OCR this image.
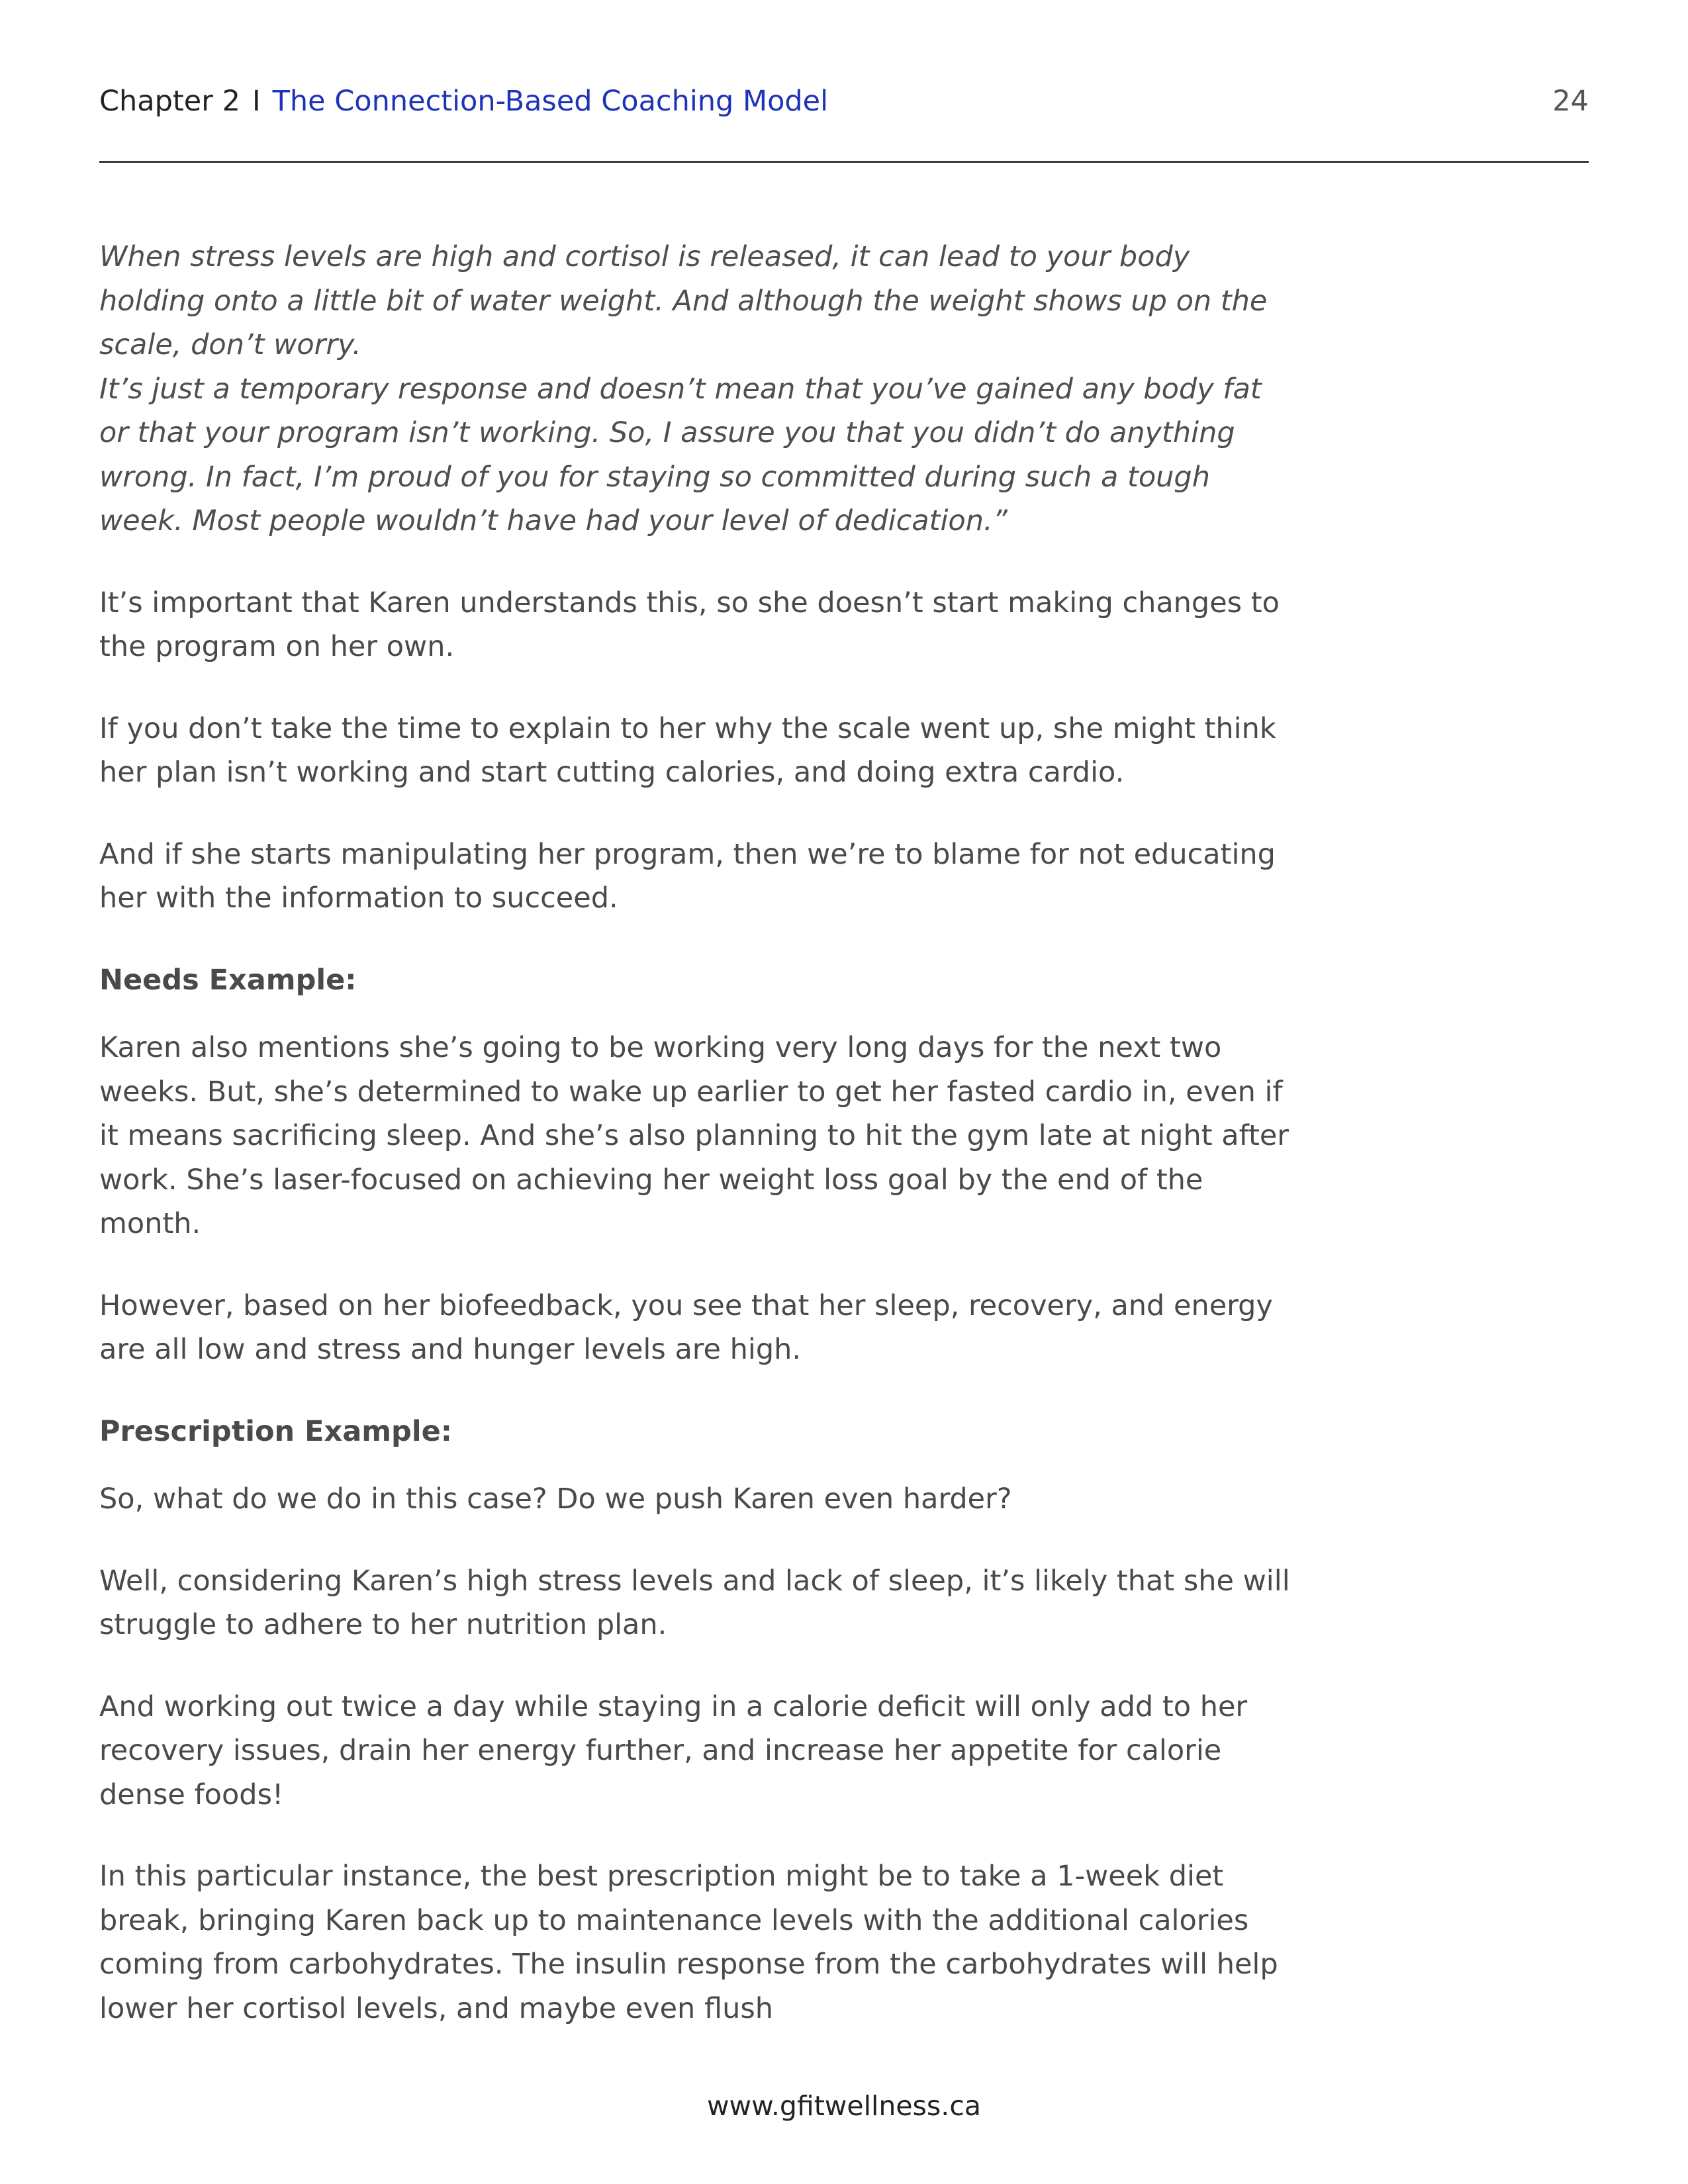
Chapter 2 I The Connection-Based Coaching Model	24

When stress levels are high and cortisol is released, it can lead to your body holding onto a little bit of water weight. And although the weight shows up on the scale, don’t worry.

It’s just a temporary response and doesn’t mean that you’ve gained any body fat or that your program isn’t working. So, I assure you that you didn’t do anything wrong. In fact, I’m proud of you for staying so committed during such a tough week. Most people wouldn’t have had your level of dedication.”

It’s important that Karen understands this, so she doesn’t start making changes to the program on her own.

If you don’t take the time to explain to her why the scale went up, she might think her plan isn’t working and start cutting calories, and doing extra cardio.

And if she starts manipulating her program, then we’re to blame for not educating her with the information to succeed.

Needs Example:

Karen also mentions she’s going to be working very long days for the next two weeks. But, she’s determined to wake up earlier to get her fasted cardio in, even if it means sacrificing sleep. And she’s also planning to hit the gym late at night after work. She’s laser-focused on achieving her weight loss goal by the end of the month.

However, based on her biofeedback, you see that her sleep, recovery, and energy are all low and stress and hunger levels are high.

Prescription Example:

So, what do we do in this case? Do we push Karen even harder?

Well, considering Karen’s high stress levels and lack of sleep, it’s likely that she will struggle to adhere to her nutrition plan.

And working out twice a day while staying in a calorie deficit will only add to her recovery issues, drain her energy further, and increase her appetite for calorie dense foods!

In this particular instance, the best prescription might be to take a 1-week diet break, bringing Karen back up to maintenance levels with the additional calories coming from carbohydrates. The insulin response from the carbohydrates will help lower her cortisol levels, and maybe even flush

www.gfitwellness.ca
